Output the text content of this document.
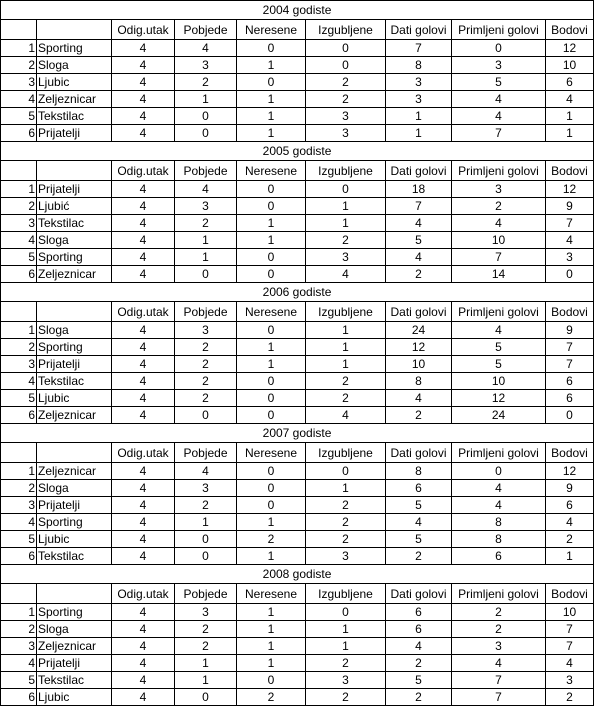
2004 godiste								
		Odig.utak	Pobjede	Neresene	Izgubljene	Dati golovi	Primljeni golovi	Bodovi
1	Sporting	4	4	0	0	7	0	12
2	Sloga	4	3	1	0	8	3	10
3	Ljubic	4	2	0	2	3	5	6
4	Zeljeznicar	4	1	1	2	3	4	4
5	Tekstilac	4	0	1	3	1	4	1
6	Prijatelji	4	0	1	3	1	7	1
2005 godiste								
		Odig.utak	Pobjede	Neresene	Izgubljene	Dati golovi	Primljeni golovi	Bodovi
1	Prijatelji	4	4	0	0	18	3	12
2	Ljubić	4	3	0	1	7	2	9
3	Tekstilac	4	2	1	1	4	4	7
4	Sloga	4	1	1	2	5	10	4
5	Sporting	4	1	0	3	4	7	3
6	Zeljeznicar	4	0	0	4	2	14	0
2006 godiste								
		Odig.utak	Pobjede	Neresene	Izgubljene	Dati golovi	Primljeni golovi	Bodovi
1	Sloga	4	3	0	1	24	4	9
2	Sporting	4	2	1	1	12	5	7
3	Prijatelji	4	2	1	1	10	5	7
4	Tekstilac	4	2	0	2	8	10	6
5	Ljubic	4	2	0	2	4	12	6
6	Zeljeznicar	4	0	0	4	2	24	0
2007 godiste								
		Odig.utak	Pobjede	Neresene	Izgubljene	Dati golovi	Primljeni golovi	Bodovi
1	Zeljeznicar	4	4	0	0	8	0	12
2	Sloga	4	3	0	1	6	4	9
3	Prijatelji	4	2	0	2	5	4	6
4	Sporting	4	1	1	2	4	8	4
5	Ljubic	4	0	2	2	5	8	2
6	Tekstilac	4	0	1	3	2	6	1
2008 godiste								
		Odig.utak	Pobjede	Neresene	Izgubljene	Dati golovi	Primljeni golovi	Bodovi
1	Sporting	4	3	1	0	6	2	10
2	Sloga	4	2	1	1	6	2	7
3	Zeljeznicar	4	2	1	1	4	3	7
4	Prijatelji	4	1	1	2	2	4	4
5	Tekstilac	4	1	0	3	5	7	3
6	Ljubic	4	0	2	2	2	7	2
